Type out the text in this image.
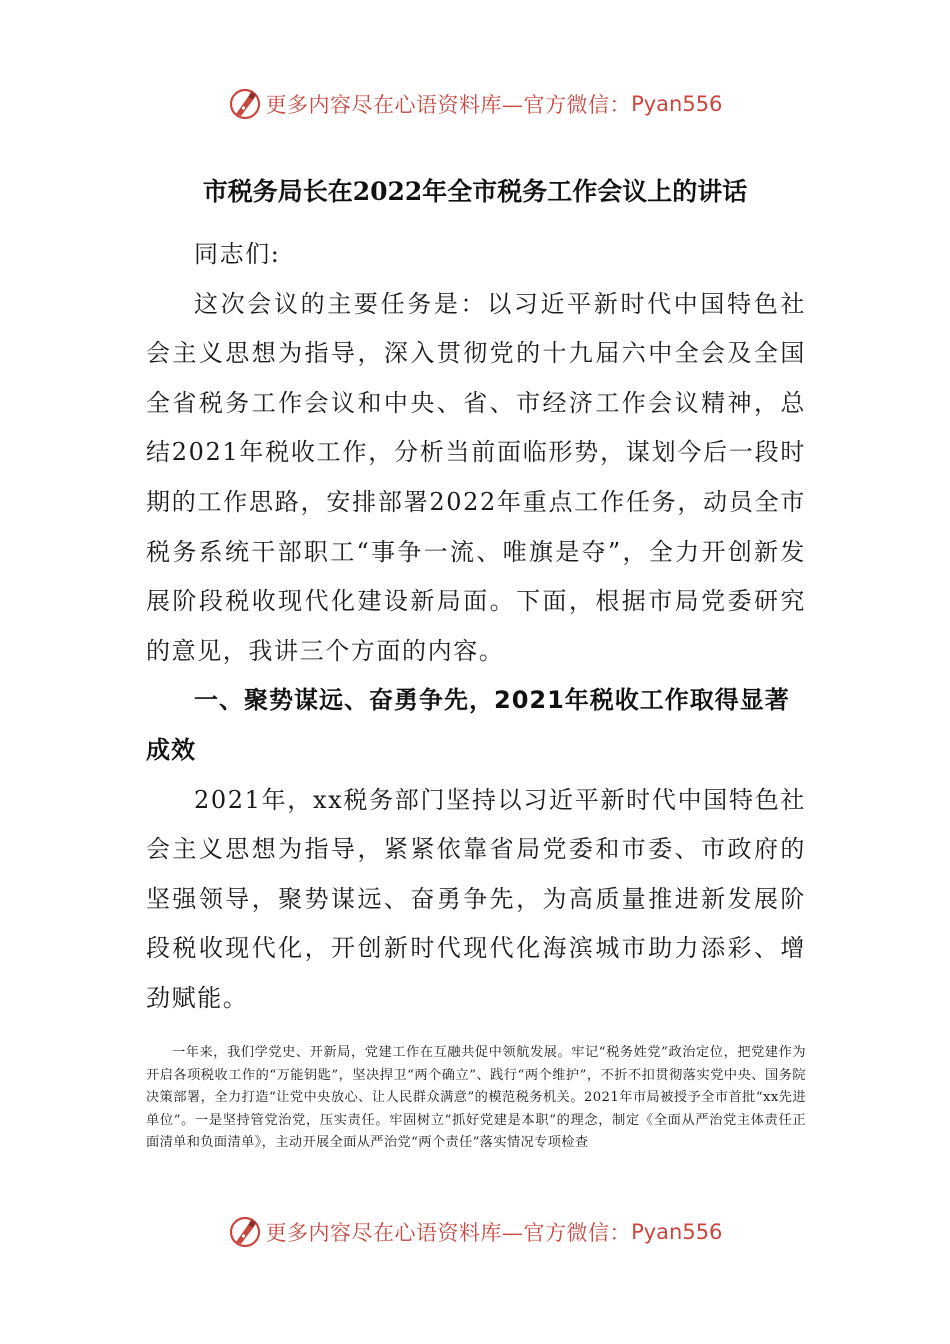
更多内容尽在心语资料库—官方微信： Pyan556
市税务局长在2022年全市税务工作会议上的讲话

同志们:

这次会议的主要任务是：以习近平新时代中国特色社会主义思想为指导，深入贯彻党的十九届六中全会及全国全省税务工作会议和中央、省、市经济工作会议精神，总结2021年税收工作，分析当前面临形势，谋划今后一段时期的工作思路，安排部署2022年重点工作任务，动员全市税务系统干部职工“事争一流、唯旗是夺”，全力开创新发展阶段税收现代化建设新局面。下面，根据市局党委研究的意见，我讲三个方面的内容。

一、聚势谋远、奋勇争先，2021年税收工作取得显著成效

2021年，xx税务部门坚持以习近平新时代中国特色社会主义思想为指导，紧紧依靠省局党委和市委、市政府的坚强领导，聚势谋远、奋勇争先，为高质量推进新发展阶段税收现代化，开创新时代现代化海滨城市助力添彩、增劲赋能。

一年来，我们学党史、开新局，党建工作在互融共促中领航发展。牢记“税务姓党”政治定位，把党建作为开启各项税收工作的“万能钥匙”，坚决捍卫“两个确立”、践行“两个维护”，不折不扣贯彻落实党中央、国务院决策部署，全力打造“让党中央放心、让人民群众满意”的模范税务机关。2021年市局被授予全市首批“xx先进单位”。一是坚持管党治党，压实责任。牢固树立“抓好党建是本职”的理念，制定《全面从严治党主体责任正面清单和负面清单》，主动开展全面从严治党“两个责任”落实情况专项检查
更多内容尽在心语资料库—官方微信： Pyan556
